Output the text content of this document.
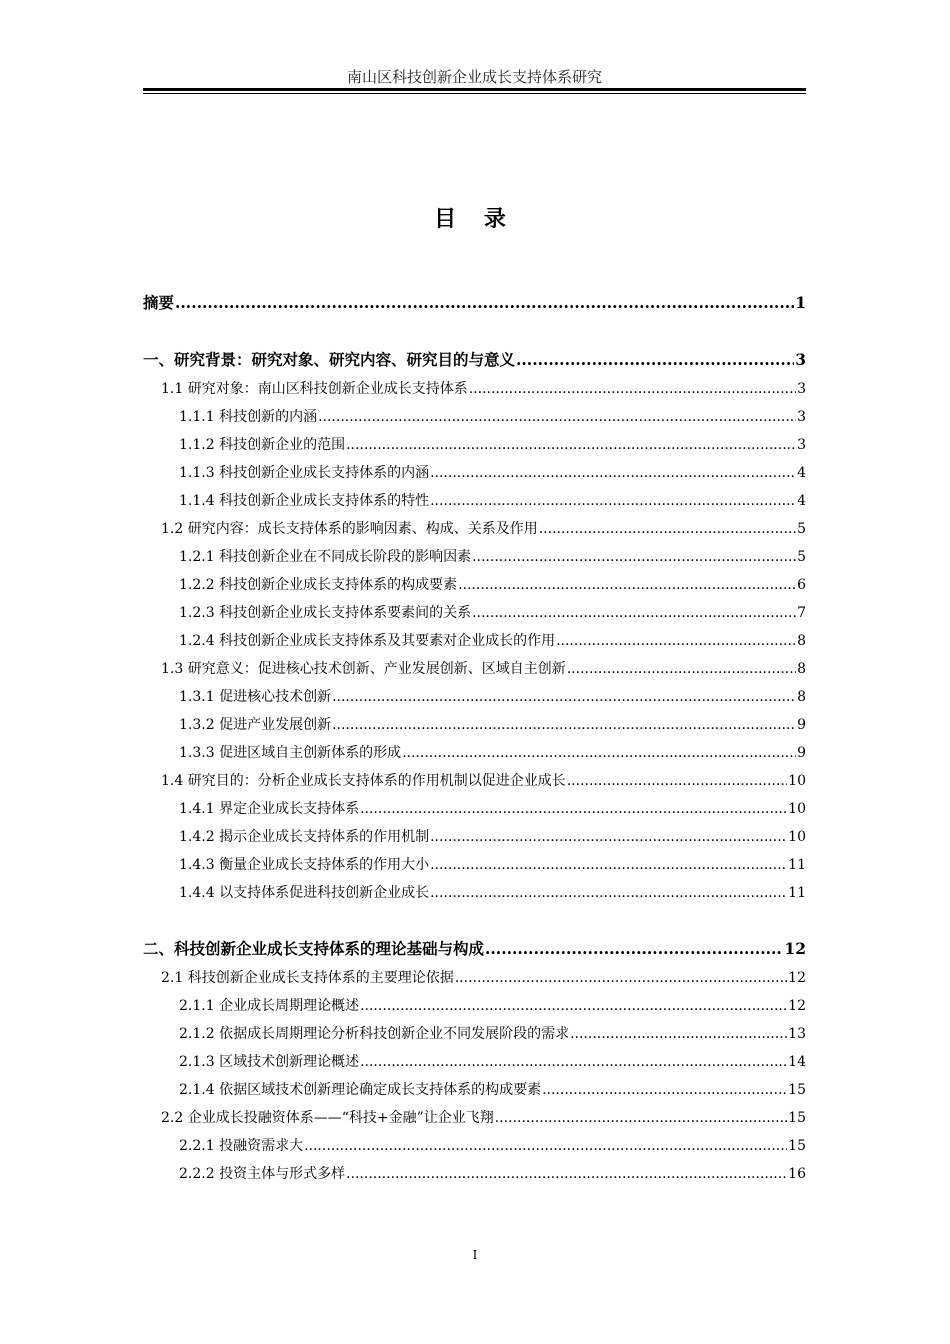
南山区科技创新企业成长支持体系研究
目 录
摘要 .....	1
一、研究背景：研究对象、研究内容、研究目的与意义 .....	3
1.1 研究对象：南山区科技创新企业成长支持体系 .....	3
1.1.1 科技创新的内涵 .....	3
1.1.2 科技创新企业的范围 .....	3
1.1.3 科技创新企业成长支持体系的内涵 .....	4
1.1.4 科技创新企业成长支持体系的特性 .....	4
1.2 研究内容：成长支持体系的影响因素、构成、关系及作用 .....	5
1.2.1 科技创新企业在不同成长阶段的影响因素 .....	5
1.2.2 科技创新企业成长支持体系的构成要素 .....	6
1.2.3 科技创新企业成长支持体系要素间的关系 .....	7
1.2.4 科技创新企业成长支持体系及其要素对企业成长的作用 .....	8
1.3 研究意义：促进核心技术创新、产业发展创新、区域自主创新 .....	8
1.3.1 促进核心技术创新 .....	8
1.3.2 促进产业发展创新 .....	9
1.3.3 促进区域自主创新体系的形成 .....	9
1.4 研究目的：分析企业成长支持体系的作用机制以促进企业成长 .....	10
1.4.1 界定企业成长支持体系 .....	10
1.4.2 揭示企业成长支持体系的作用机制 .....	10
1.4.3 衡量企业成长支持体系的作用大小 .....	11
1.4.4 以支持体系促进科技创新企业成长 .....	11
二、科技创新企业成长支持体系的理论基础与构成 .....	12
2.1 科技创新企业成长支持体系的主要理论依据 .....	12
2.1.1 企业成长周期理论概述 .....	12
2.1.2 依据成长周期理论分析科技创新企业不同发展阶段的需求 .....	13
2.1.3 区域技术创新理论概述 .....	14
2.1.4 依据区域技术创新理论确定成长支持体系的构成要素 .....	15
2.2 企业成长投融资体系——“科技+金融”让企业飞翔 .....	15
2.2.1 投融资需求大 .....	15
2.2.2 投资主体与形式多样 .....	16
I
